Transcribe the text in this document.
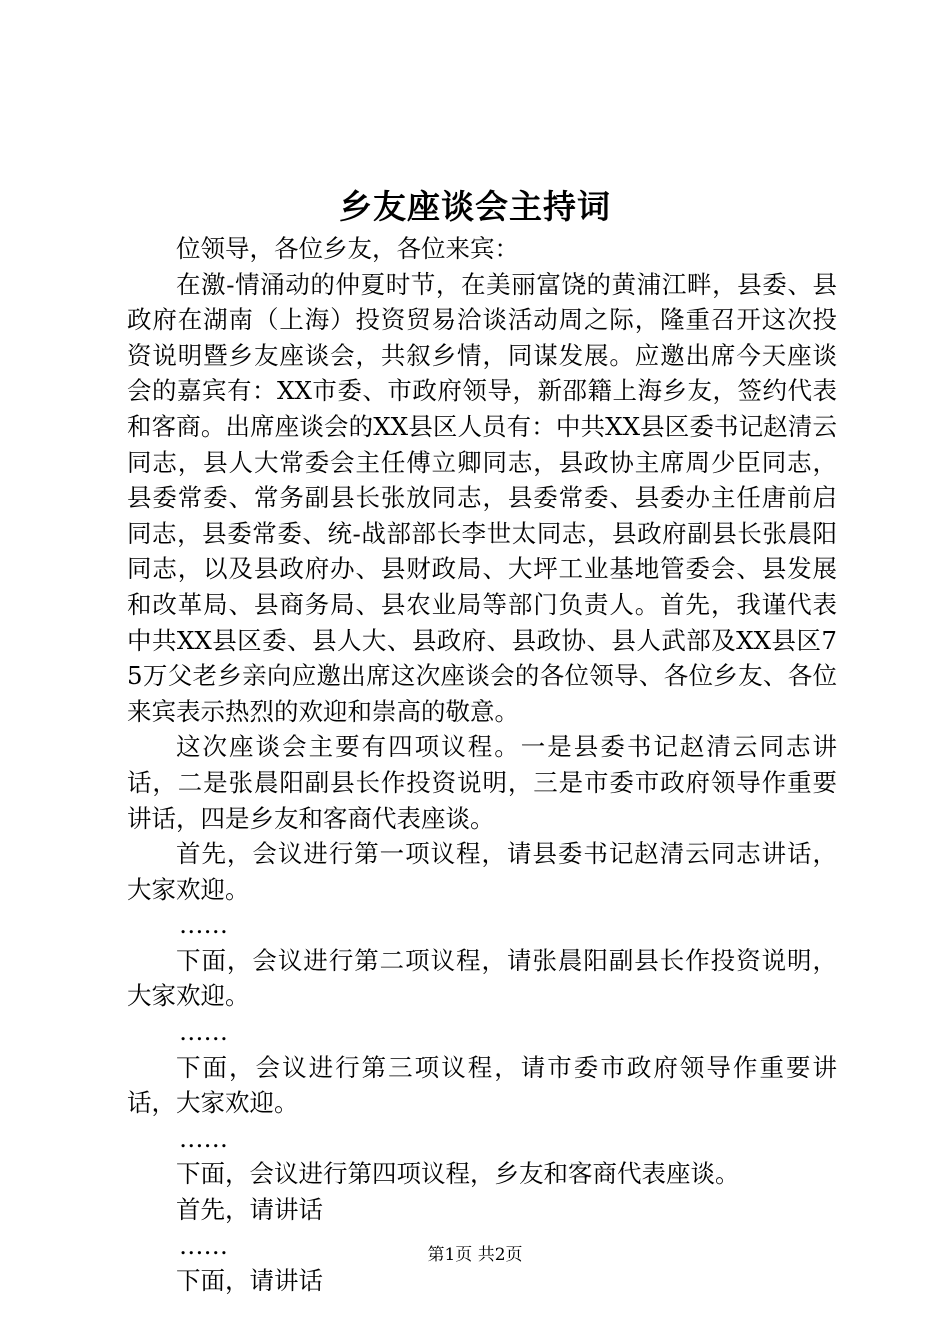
乡友座谈会主持词

位领导，各位乡友，各位来宾：

在激-情涌动的仲夏时节，在美丽富饶的黄浦江畔，县委、县政府在湖南（上海）投资贸易洽谈活动周之际，隆重召开这次投资说明暨乡友座谈会，共叙乡情，同谋发展。应邀出席今天座谈会的嘉宾有：XX市委、市政府领导，新邵籍上海乡友，签约代表和客商。出席座谈会的XX县区人员有：中共XX县区委书记赵清云同志，县人大常委会主任傅立卿同志，县政协主席周少臣同志，县委常委、常务副县长张放同志，县委常委、县委办主任唐前启同志，县委常委、统-战部部长李世太同志，县政府副县长张晨阳同志，以及县政府办、县财政局、大坪工业基地管委会、县发展和改革局、县商务局、县农业局等部门负责人。首先，我谨代表中共XX县区委、县人大、县政府、县政协、县人武部及XX县区75万父老乡亲向应邀出席这次座谈会的各位领导、各位乡友、各位来宾表示热烈的欢迎和崇高的敬意。

这次座谈会主要有四项议程。一是县委书记赵清云同志讲话，二是张晨阳副县长作投资说明，三是市委市政府领导作重要讲话，四是乡友和客商代表座谈。

首先，会议进行第一项议程，请县委书记赵清云同志讲话，大家欢迎。

……

下面，会议进行第二项议程，请张晨阳副县长作投资说明，大家欢迎。

……

下面，会议进行第三项议程，请市委市政府领导作重要讲话，大家欢迎。

……

下面，会议进行第四项议程，乡友和客商代表座谈。

首先，请讲话

……

下面，请讲话

第1页 共2页
